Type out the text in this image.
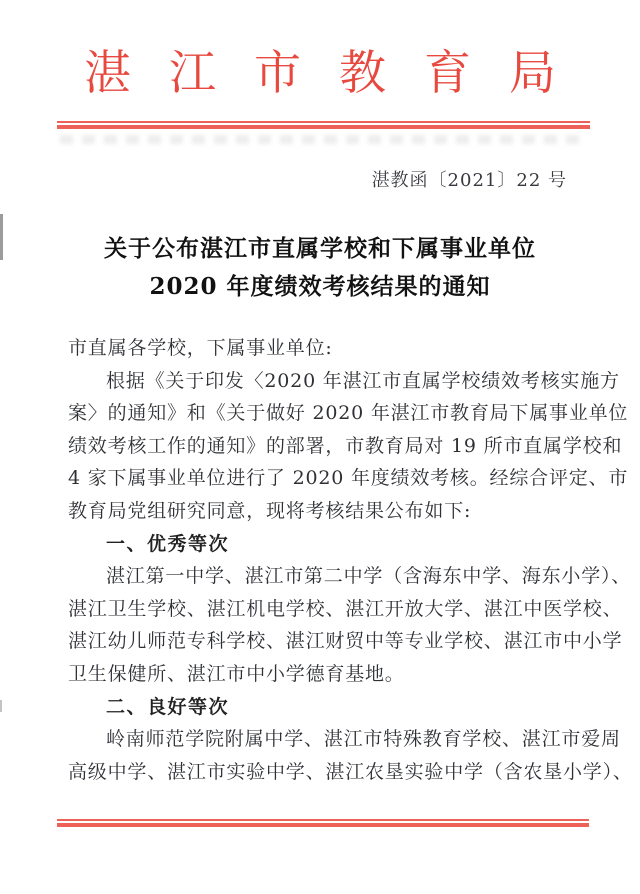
湛江市教育局
湛教函〔2021〕22 号
关于公布湛江市直属学校和下属事业单位
2020 年度绩效考核结果的通知
市直属各学校，下属事业单位:
根据《关于印发〈2020 年湛江市直属学校绩效考核实施方
案〉的通知》和《关于做好 2020 年湛江市教育局下属事业单位
绩效考核工作的通知》的部署，市教育局对 19 所市直属学校和
4 家下属事业单位进行了 2020 年度绩效考核。经综合评定、市
教育局党组研究同意，现将考核结果公布如下:
一、优秀等次
湛江第一中学、湛江市第二中学（含海东中学、海东小学）、
湛江卫生学校、湛江机电学校、湛江开放大学、湛江中医学校、
湛江幼儿师范专科学校、湛江财贸中等专业学校、湛江市中小学
卫生保健所、湛江市中小学德育基地。
二、良好等次
岭南师范学院附属中学、湛江市特殊教育学校、湛江市爱周
高级中学、湛江市实验中学、湛江农垦实验中学（含农垦小学）、
